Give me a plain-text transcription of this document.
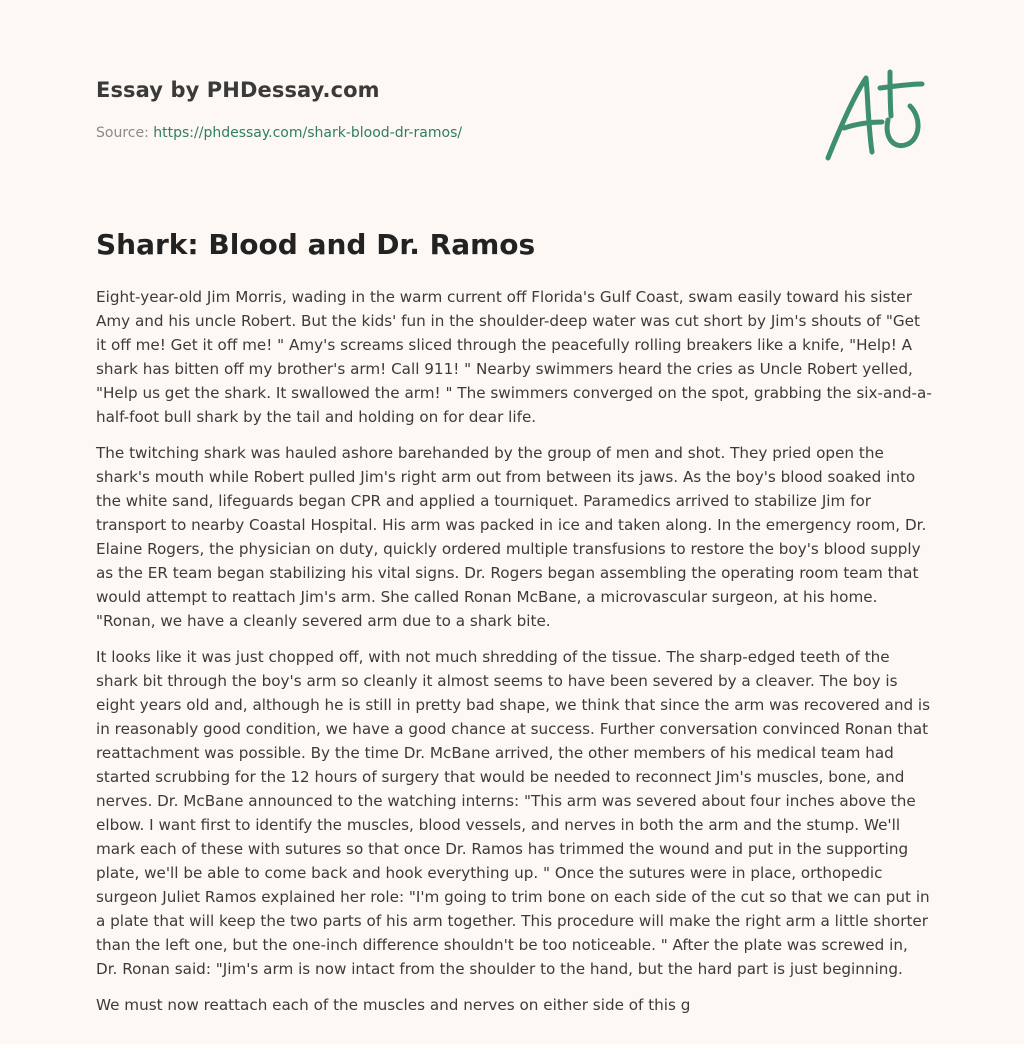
Essay by PHDessay.com
Source: https://phdessay.com/shark-blood-dr-ramos/
Shark: Blood and Dr. Ramos

Eight-year-old Jim Morris, wading in the warm current off Florida's Gulf Coast, swam easily toward his sister Amy and his uncle Robert. But the kids' fun in the shoulder-deep water was cut short by Jim's shouts of "Get it off me! Get it off me! " Amy's screams sliced through the peacefully rolling breakers like a knife, "Help! A shark has bitten off my brother's arm! Call 911! " Nearby swimmers heard the cries as Uncle Robert yelled, "Help us get the shark. It swallowed the arm! " The swimmers converged on the spot, grabbing the six-and-a-half-foot bull shark by the tail and holding on for dear life.

The twitching shark was hauled ashore barehanded by the group of men and shot. They pried open the shark's mouth while Robert pulled Jim's right arm out from between its jaws. As the boy's blood soaked into the white sand, lifeguards began CPR and applied a tourniquet. Paramedics arrived to stabilize Jim for transport to nearby Coastal Hospital. His arm was packed in ice and taken along. In the emergency room, Dr. Elaine Rogers, the physician on duty, quickly ordered multiple transfusions to restore the boy's blood supply as the ER team began stabilizing his vital signs. Dr. Rogers began assembling the operating room team that would attempt to reattach Jim's arm. She called Ronan McBane, a microvascular surgeon, at his home. "Ronan, we have a cleanly severed arm due to a shark bite.

It looks like it was just chopped off, with not much shredding of the tissue. The sharp-edged teeth of the shark bit through the boy's arm so cleanly it almost seems to have been severed by a cleaver. The boy is eight years old and, although he is still in pretty bad shape, we think that since the arm was recovered and is in reasonably good condition, we have a good chance at success. Further conversation convinced Ronan that reattachment was possible. By the time Dr. McBane arrived, the other members of his medical team had started scrubbing for the 12 hours of surgery that would be needed to reconnect Jim's muscles, bone, and nerves. Dr. McBane announced to the watching interns: "This arm was severed about four inches above the elbow. I want first to identify the muscles, blood vessels, and nerves in both the arm and the stump. We'll mark each of these with sutures so that once Dr. Ramos has trimmed the wound and put in the supporting plate, we'll be able to come back and hook everything up. " Once the sutures were in place, orthopedic surgeon Juliet Ramos explained her role: "I'm going to trim bone on each side of the cut so that we can put in a plate that will keep the two parts of his arm together. This procedure will make the right arm a little shorter than the left one, but the one-inch difference shouldn't be too noticeable. " After the plate was screwed in, Dr. Ronan said: "Jim's arm is now intact from the shoulder to the hand, but the hard part is just beginning.

We must now reattach each of the muscles and nerves on either side of this g
